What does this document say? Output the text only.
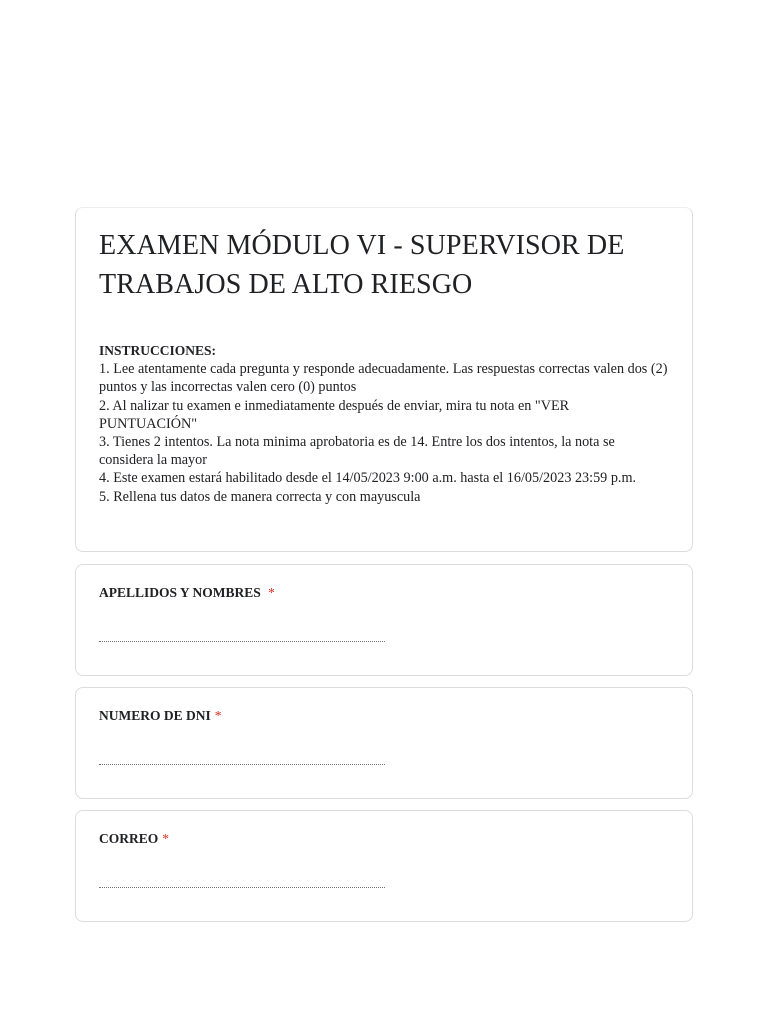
EXAMEN MÓDULO VI - SUPERVISOR DE TRABAJOS DE ALTO RIESGO
INSTRUCCIONES:
1. Lee atentamente cada pregunta y responde adecuadamente. Las respuestas correctas valen dos (2) puntos y las incorrectas valen cero (0) puntos
2. Al nalizar tu examen e inmediatamente después de enviar, mira tu nota en "VER PUNTUACIÓN"
3. Tienes 2 intentos. La nota minima aprobatoria es de 14. Entre los dos intentos, la nota se considera la mayor
4. Este examen estará habilitado desde el 14/05/2023 9:00 a.m. hasta el 16/05/2023 23:59 p.m.
5. Rellena tus datos de manera correcta y con mayuscula
APELLIDOS Y NOMBRES *
NUMERO DE DNI *
CORREO *
